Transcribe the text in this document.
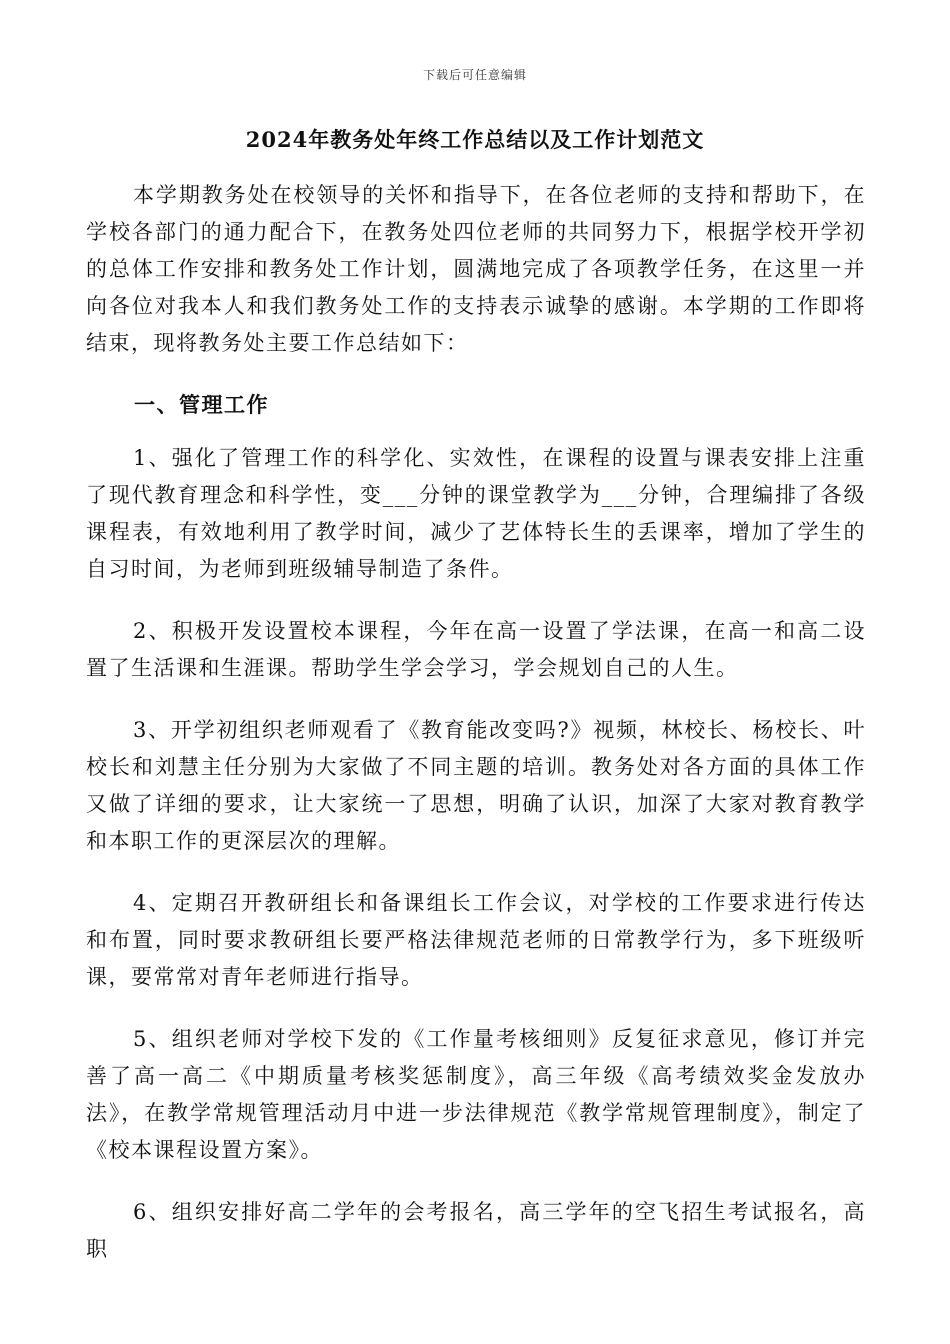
下载后可任意编辑
2024年教务处年终工作总结以及工作计划范文
本学期教务处在校领导的关怀和指导下，在各位老师的支持和帮助下，在学校各部门的通力配合下，在教务处四位老师的共同努力下，根据学校开学初的总体工作安排和教务处工作计划，圆满地完成了各项教学任务，在这里一并向各位对我本人和我们教务处工作的支持表示诚挚的感谢。本学期的工作即将结束，现将教务处主要工作总结如下：
一、管理工作
1、强化了管理工作的科学化、实效性，在课程的设置与课表安排上注重了现代教育理念和科学性，变___分钟的课堂教学为___分钟，合理编排了各级课程表，有效地利用了教学时间，减少了艺体特长生的丢课率，增加了学生的自习时间，为老师到班级辅导制造了条件。
2、积极开发设置校本课程，今年在高一设置了学法课，在高一和高二设置了生活课和生涯课。帮助学生学会学习，学会规划自己的人生。
3、开学初组织老师观看了《教育能改变吗?》视频，林校长、杨校长、叶校长和刘慧主任分别为大家做了不同主题的培训。教务处对各方面的具体工作又做了详细的要求，让大家统一了思想，明确了认识，加深了大家对教育教学和本职工作的更深层次的理解。
4、定期召开教研组长和备课组长工作会议，对学校的工作要求进行传达和布置，同时要求教研组长要严格法律规范老师的日常教学行为，多下班级听课，要常常对青年老师进行指导。
5、组织老师对学校下发的《工作量考核细则》反复征求意见，修订并完善了高一高二《中期质量考核奖惩制度》，高三年级《高考绩效奖金发放办法》，在教学常规管理活动月中进一步法律规范《教学常规管理制度》，制定了《校本课程设置方案》。
6、组织安排好高二学年的会考报名，高三学年的空飞招生考试报名，高职
